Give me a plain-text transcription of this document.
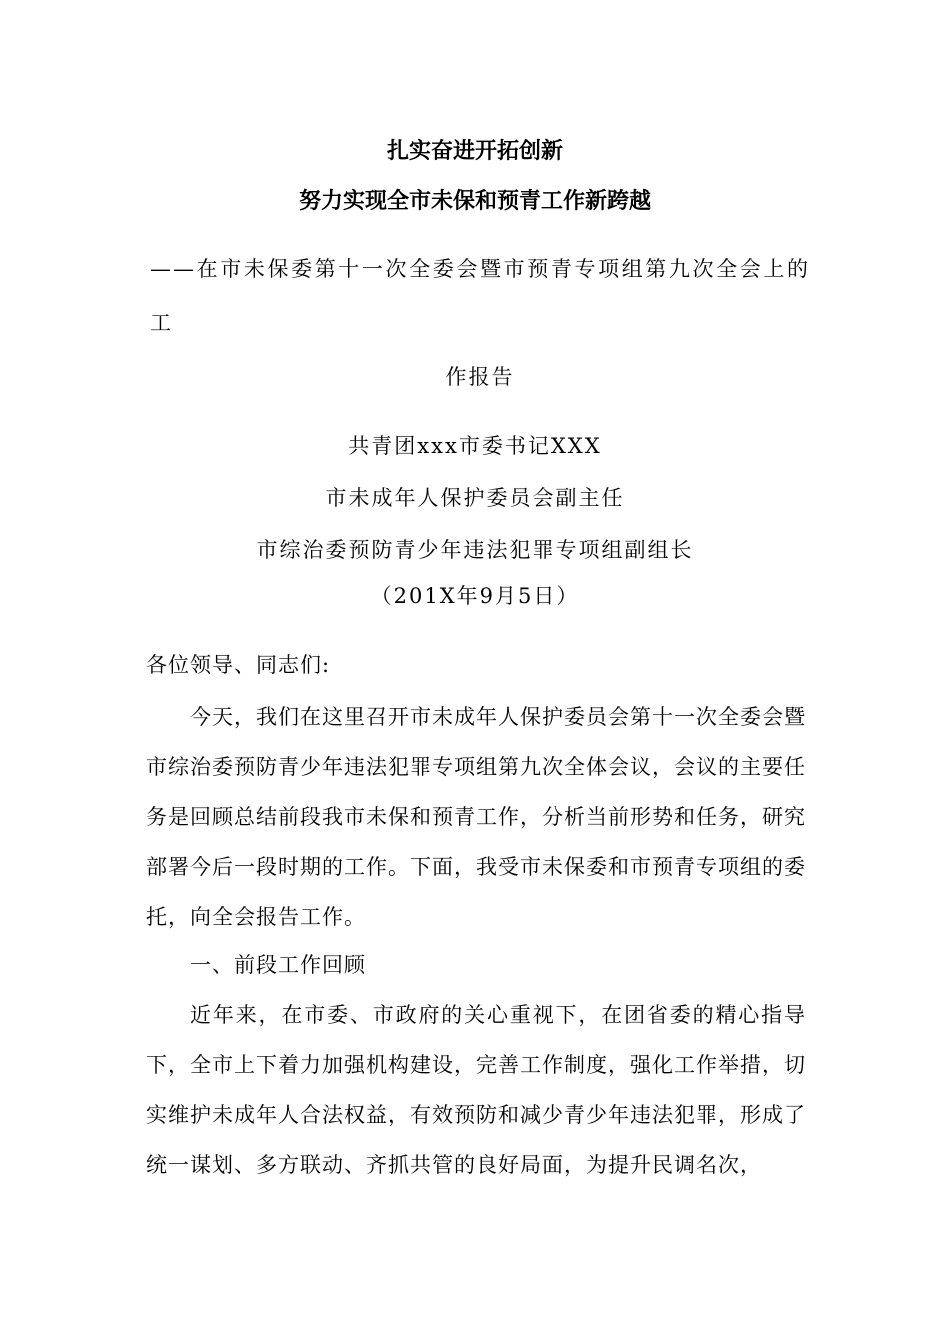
扎实奋进开拓创新
努力实现全市未保和预青工作新跨越
——在市未保委第十一次全委会暨市预青专项组第九次全会上的工
作报告
共青团xxx市委书记XXX
市未成年人保护委员会副主任
市综治委预防青少年违法犯罪专项组副组长
（201X年9月5日）
各位领导、同志们:
今天，我们在这里召开市未成年人保护委员会第十一次全委会暨市综治委预防青少年违法犯罪专项组第九次全体会议，会议的主要任务是回顾总结前段我市未保和预青工作，分析当前形势和任务，研究部署今后一段时期的工作。下面，我受市未保委和市预青专项组的委托，向全会报告工作。
一、前段工作回顾
近年来，在市委、市政府的关心重视下，在团省委的精心指导下，全市上下着力加强机构建设，完善工作制度，强化工作举措，切实维护未成年人合法权益，有效预防和减少青少年违法犯罪，形成了统一谋划、多方联动、齐抓共管的良好局面，为提升民调名次，
